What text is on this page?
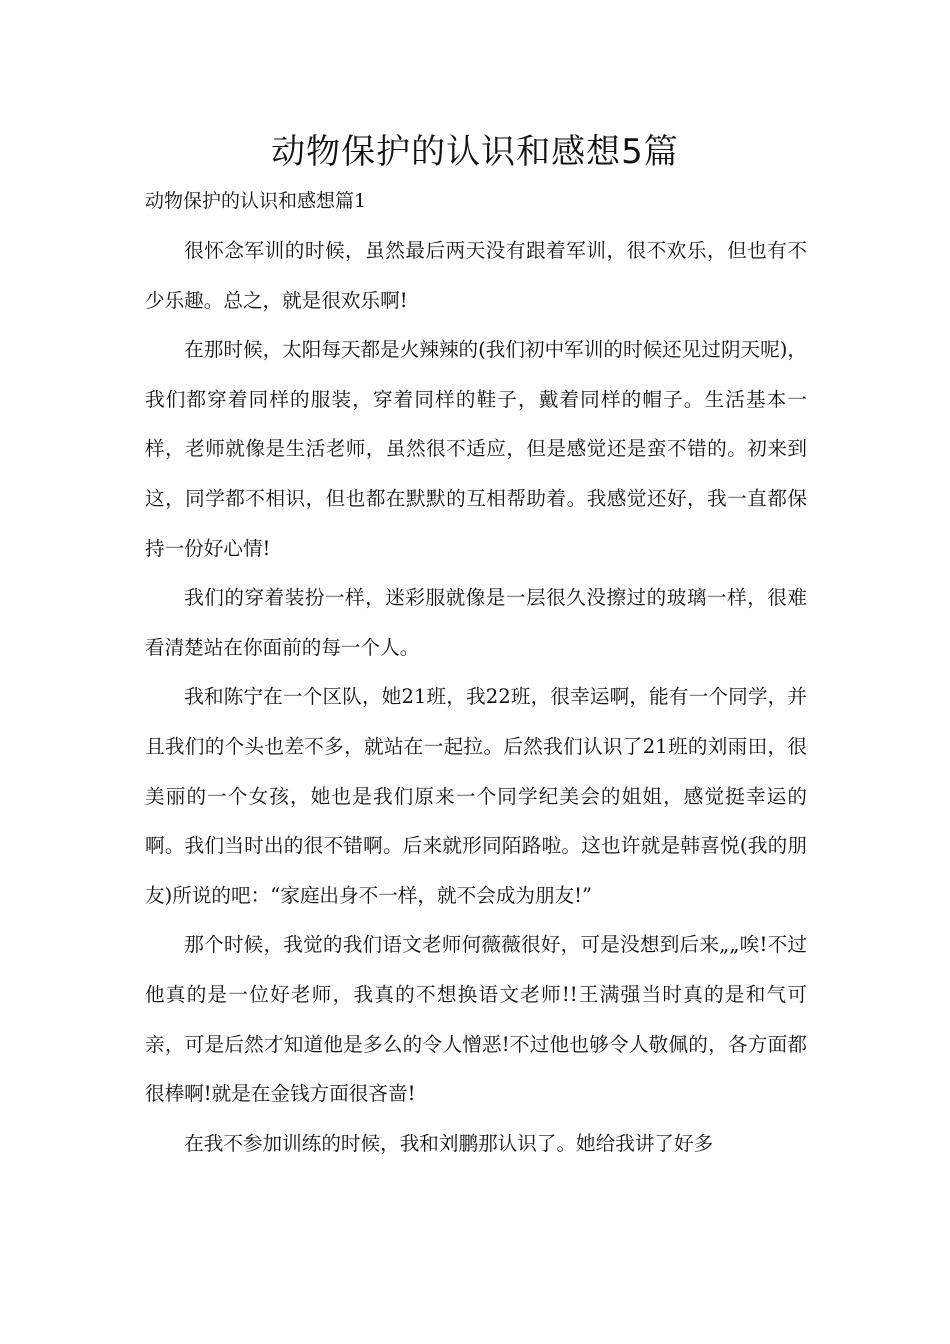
动物保护的认识和感想5篇

动物保护的认识和感想篇1

很怀念军训的时候，虽然最后两天没有跟着军训，很不欢乐，但也有不少乐趣。总之，就是很欢乐啊!

在那时候，太阳每天都是火辣辣的(我们初中军训的时候还见过阴天呢)，我们都穿着同样的服装，穿着同样的鞋子，戴着同样的帽子。生活基本一样，老师就像是生活老师，虽然很不适应，但是感觉还是蛮不错的。初来到这，同学都不相识，但也都在默默的互相帮助着。我感觉还好，我一直都保持一份好心情!

我们的穿着装扮一样，迷彩服就像是一层很久没擦过的玻璃一样，很难看清楚站在你面前的每一个人。

我和陈宁在一个区队，她21班，我22班，很幸运啊，能有一个同学，并且我们的个头也差不多，就站在一起拉。后然我们认识了21班的刘雨田，很美丽的一个女孩，她也是我们原来一个同学纪美会的姐姐，感觉挺幸运的啊。我们当时出的很不错啊。后来就形同陌路啦。这也许就是韩喜悦(我的朋友)所说的吧：“家庭出身不一样，就不会成为朋友!”

那个时候，我觉的我们语文老师何薇薇很好，可是没想到后来„„唉!不过他真的是一位好老师，我真的不想换语文老师!!王满强当时真的是和气可亲，可是后然才知道他是多么的令人憎恶!不过他也够令人敬佩的，各方面都很棒啊!就是在金钱方面很吝啬!

在我不参加训练的时候，我和刘鹏那认识了。她给我讲了好多
